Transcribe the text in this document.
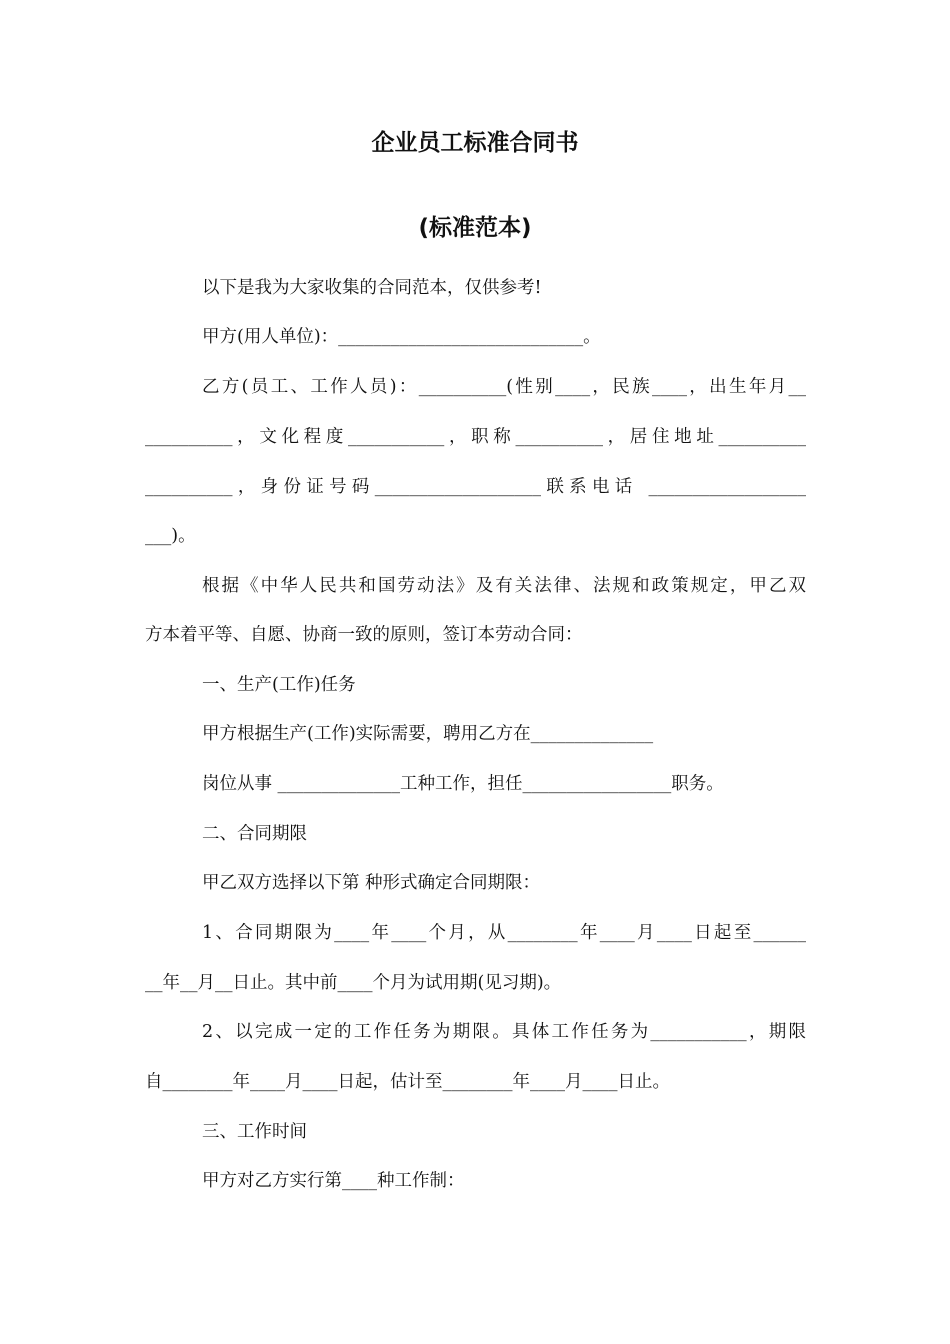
企业员工标准合同书
(标准范本)
以下是我为大家收集的合同范本，仅供参考!
甲方(用人单位)：____________________________。
乙方(员工、工作人员)：__________(性别____，民族____，出生年月__
__________，文化程度___________，职称__________，居住地址__________
__________，身份证号码___________________联系电话 __________________
___)。
根据《中华人民共和国劳动法》及有关法律、法规和政策规定，甲乙双
方本着平等、自愿、协商一致的原则，签订本劳动合同：
一、生产(工作)任务
甲方根据生产(工作)实际需要，聘用乙方在______________
岗位从事 ______________工种工作，担任_________________职务。
二、合同期限
甲乙双方选择以下第 种形式确定合同期限：
1、合同期限为____年____个月，从________年____月____日起至______
__年__月__日止。其中前____个月为试用期(见习期)。
2、以完成一定的工作任务为期限。具体工作任务为___________，期限
自________年____月____日起，估计至________年____月____日止。
三、工作时间
甲方对乙方实行第____种工作制：
